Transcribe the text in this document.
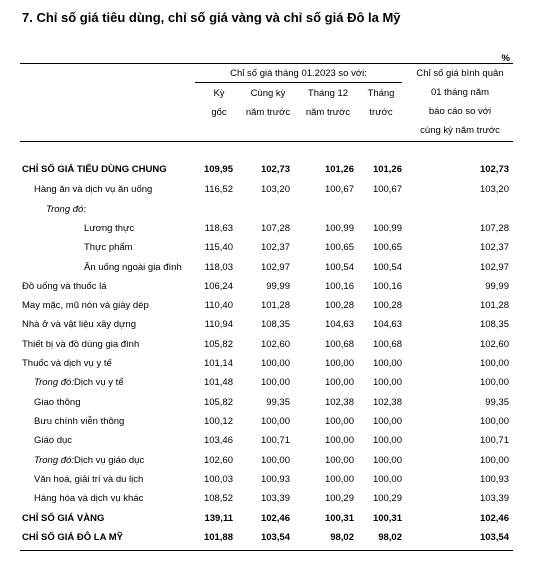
7. Chỉ số giá tiêu dùng, chỉ số giá vàng và chỉ số giá Đô la Mỹ
%
Chỉ số giá tháng 01.2023 so với:
Kỳ
gốc
Cùng kỳ
năm trước
Tháng 12
năm trước
Tháng
trước
Chỉ số giá bình quân
01 tháng năm
báo cáo so với
cùng kỳ năm trước
CHỈ SỐ GIÁ TIÊU DÙNG CHUNG	109,95	102,73	101,26	101,26	102,73
Hàng ăn và dịch vụ ăn uống	116,52	103,20	100,67	100,67	103,20
Trong đó:
Lương thực	118,63	107,28	100,99	100,99	107,28
Thực phẩm	115,40	102,37	100,65	100,65	102,37
Ăn uống ngoài gia đình	118,03	102,97	100,54	100,54	102,97
Đồ uống và thuốc lá	106,24	99,99	100,16	100,16	99,99
May mặc, mũ nón và giày dép	110,40	101,28	100,28	100,28	101,28
Nhà ở và vật liệu xây dựng	110,94	108,35	104,63	104,63	108,35
Thiết bị và đồ dùng gia đình	105,82	102,60	100,68	100,68	102,60
Thuốc và dịch vụ y tế	101,14	100,00	100,00	100,00	100,00
Trong đó:Dịch vụ y tế	101,48	100,00	100,00	100,00	100,00
Giao thông	105,82	99,35	102,38	102,38	99,35
Bưu chính viễn thông	100,12	100,00	100,00	100,00	100,00
Giáo dục	103,46	100,71	100,00	100,00	100,71
Trong đó:Dịch vụ giáo dục	102,60	100,00	100,00	100,00	100,00
Văn hoá, giải trí và du lịch	100,03	100,93	100,00	100,00	100,93
Hàng hóa và dịch vụ khác	108,52	103,39	100,29	100,29	103,39
CHỈ SỐ GIÁ VÀNG	139,11	102,46	100,31	100,31	102,46
CHỈ SỐ GIÁ ĐÔ LA MỸ	101,88	103,54	98,02	98,02	103,54
